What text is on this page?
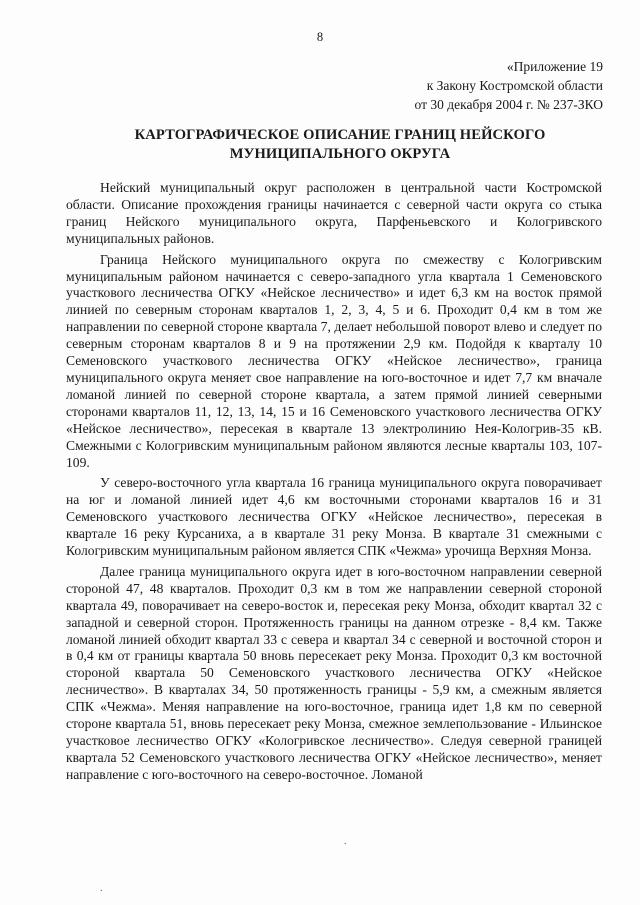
8
«Приложение 19
к Закону Костромской области
от 30 декабря 2004 г. № 237-ЗКО
КАРТОГРАФИЧЕСКОЕ ОПИСАНИЕ ГРАНИЦ НЕЙСКОГО
МУНИЦИПАЛЬНОГО ОКРУГА

Нейский муниципальный округ расположен в центральной части Костромской области. Описание прохождения границы начинается с северной части округа со стыка границ Нейского муниципального округа, Парфеньевского и Кологривского муниципальных районов.

Граница Нейского муниципального округа по смежеству с Кологривским муниципальным районом начинается с северо-западного угла квартала 1 Семеновского участкового лесничества ОГКУ «Нейское лесничество» и идет 6,3 км на восток прямой линией по северным сторонам кварталов 1, 2, 3, 4, 5 и 6. Проходит 0,4 км в том же направлении по северной стороне квартала 7, делает небольшой поворот влево и следует по северным сторонам кварталов 8 и 9 на протяжении 2,9 км. Подойдя к кварталу 10 Семеновского участкового лесничества ОГКУ «Нейское лесничество», граница муниципального округа меняет свое направление на юго-восточное и идет 7,7 км вначале ломаной линией по северной стороне квартала, а затем прямой линией северными сторонами кварталов 11, 12, 13, 14, 15 и 16 Семеновского участкового лесничества ОГКУ «Нейское лесничество», пересекая в квартале 13 электролинию Нея-Кологрив-35 кВ. Смежными с Кологривским муниципальным районом являются лесные кварталы 103, 107-109.

У северо-восточного угла квартала 16 граница муниципального округа поворачивает на юг и ломаной линией идет 4,6 км восточными сторонами кварталов 16 и 31 Семеновского участкового лесничества ОГКУ «Нейское лесничество», пересекая в квартале 16 реку Курсаниха, а в квартале 31 реку Монза. В квартале 31 смежными с Кологривским муниципальным районом является СПК «Чежма» урочища Верхняя Монза.

Далее граница муниципального округа идет в юго-восточном направлении северной стороной 47, 48 кварталов. Проходит 0,3 км в том же направлении северной стороной квартала 49, поворачивает на северо-восток и, пересекая реку Монза, обходит квартал 32 с западной и северной сторон. Протяженность границы на данном отрезке - 8,4 км. Также ломаной линией обходит квартал 33 с севера и квартал 34 с северной и восточной сторон и в 0,4 км от границы квартала 50 вновь пересекает реку Монза. Проходит 0,3 км восточной стороной квартала 50 Семеновского участкового лесничества ОГКУ «Нейское лесничество». В кварталах 34, 50 протяженность границы - 5,9 км, а смежным является СПК «Чежма». Меняя направление на юго-восточное, граница идет 1,8 км по северной стороне квартала 51, вновь пересекает реку Монза, смежное землепользование - Ильинское участковое лесничество ОГКУ «Кологривское лесничество». Следуя северной границей квартала 52 Семеновского участкового лесничества ОГКУ «Нейское лесничество», меняет направление с юго-восточного на северо-восточное. Ломаной

.
.
